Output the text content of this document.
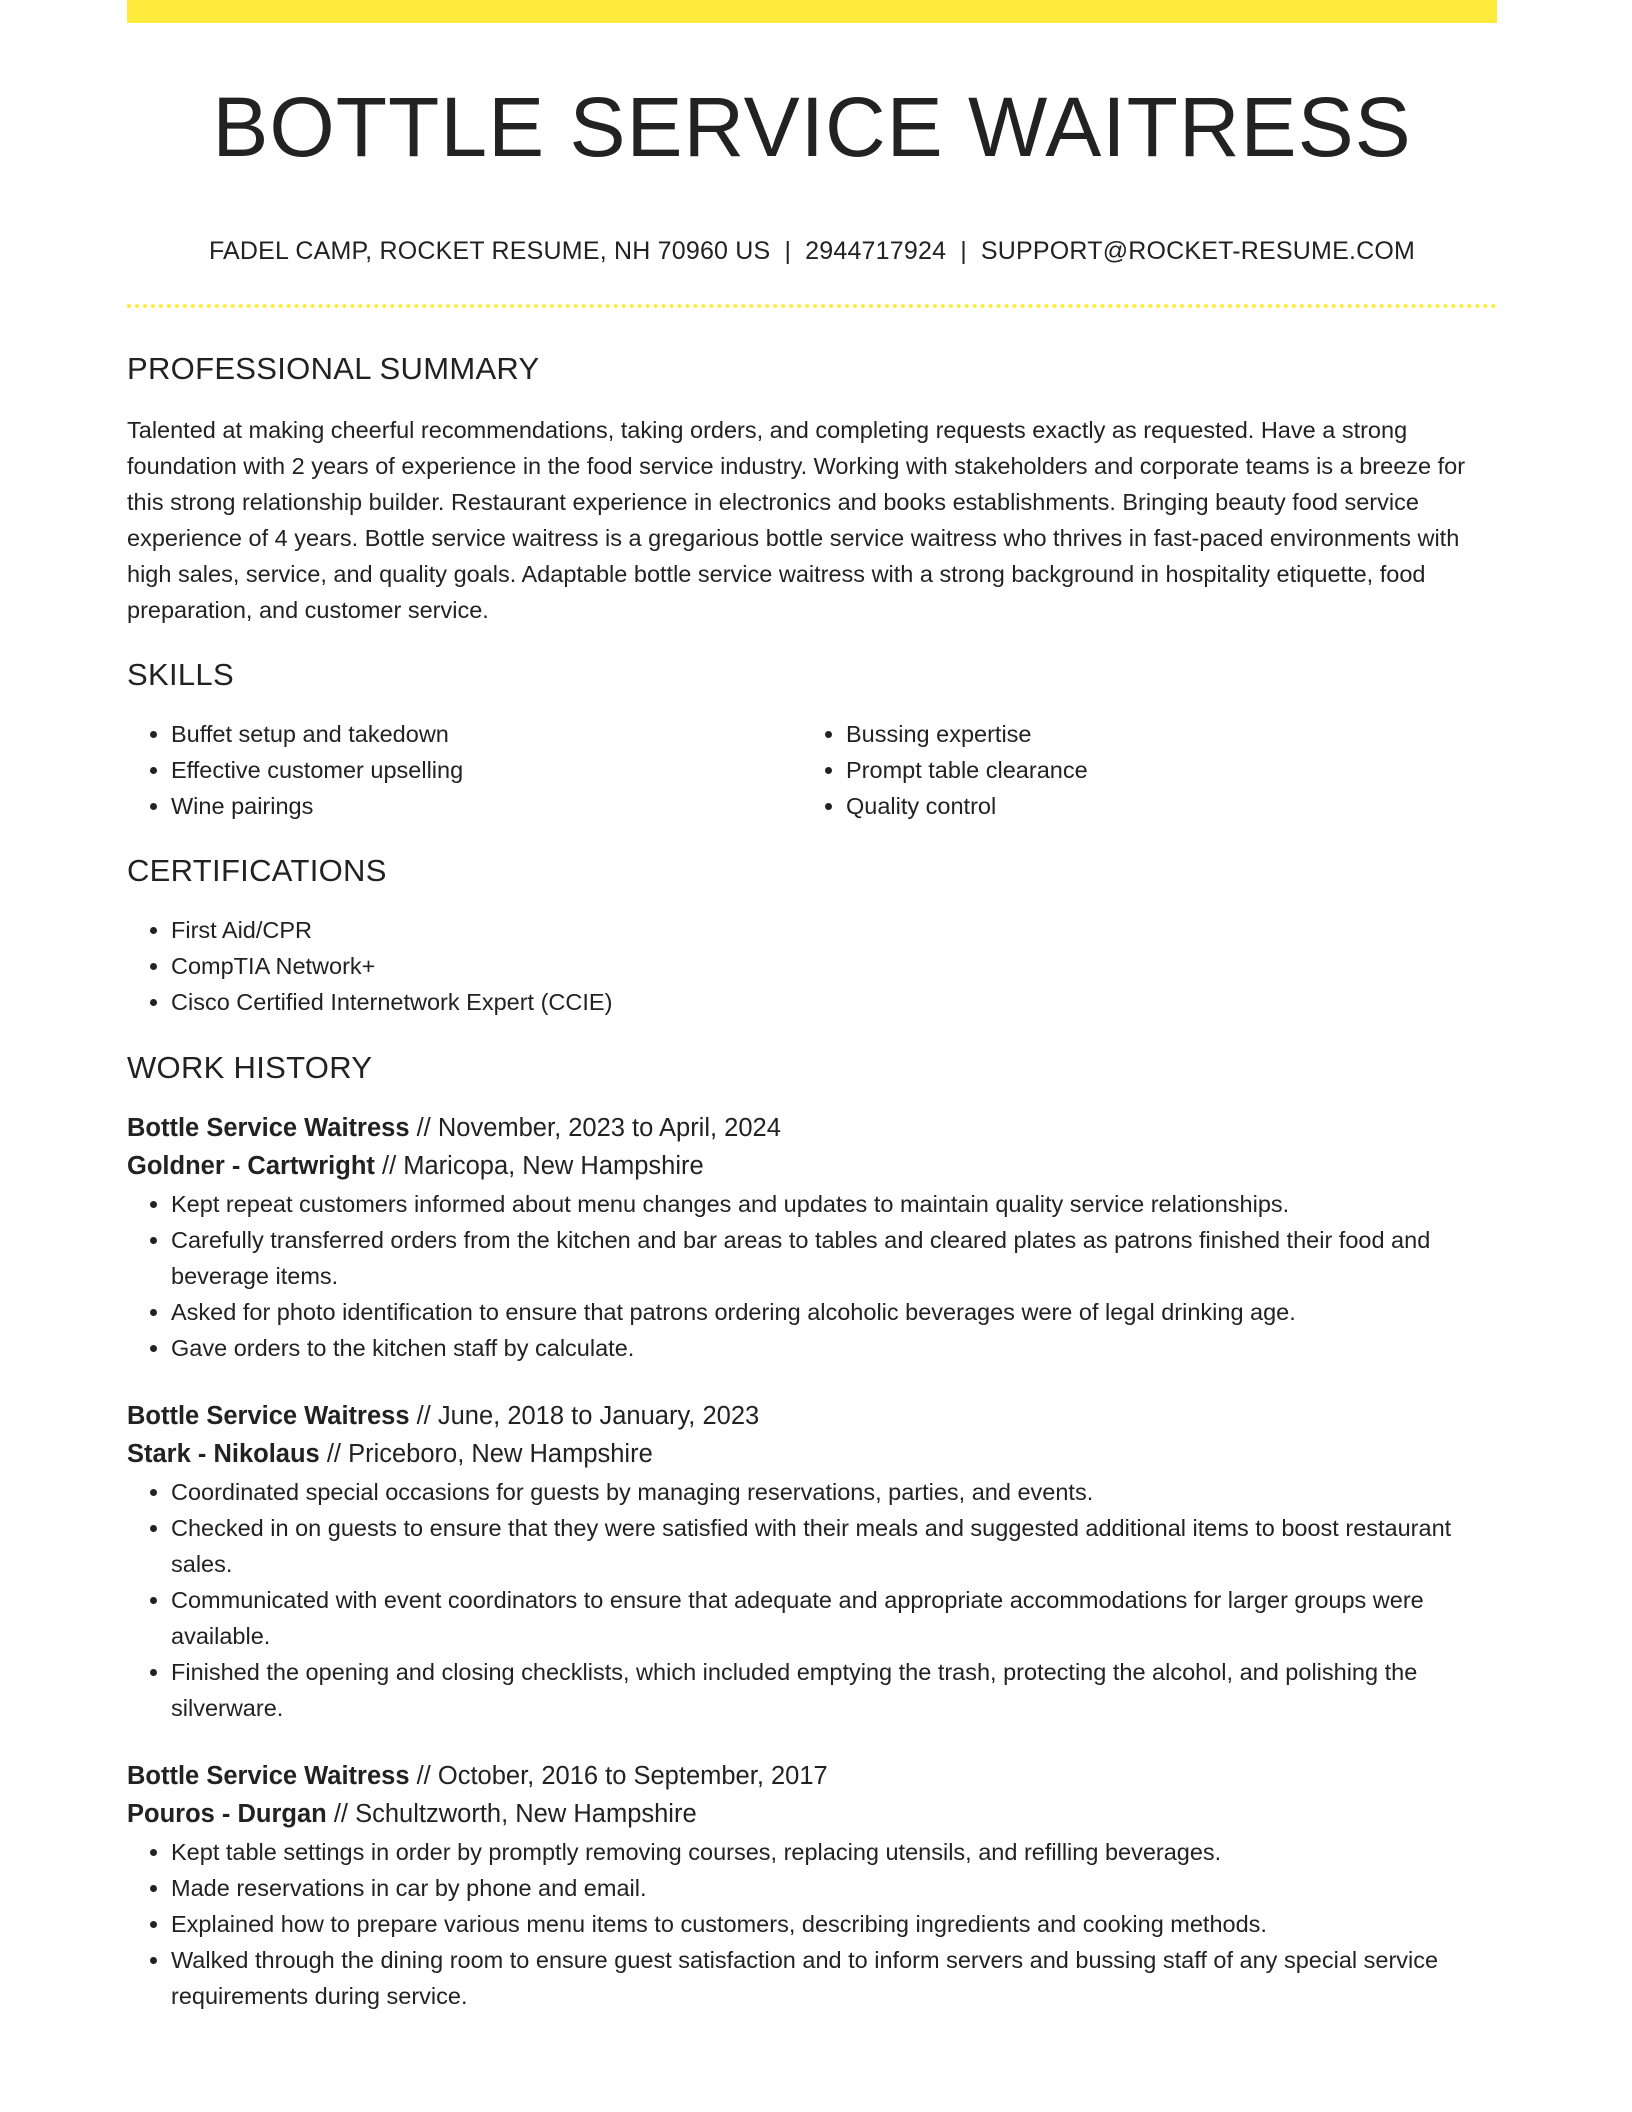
BOTTLE SERVICE WAITRESS
FADEL CAMP, ROCKET RESUME, NH 70960 US | 2944717924 | SUPPORT@ROCKET-RESUME.COM
PROFESSIONAL SUMMARY
Talented at making cheerful recommendations, taking orders, and completing requests exactly as requested. Have a strong foundation with 2 years of experience in the food service industry. Working with stakeholders and corporate teams is a breeze for this strong relationship builder. Restaurant experience in electronics and books establishments. Bringing beauty food service experience of 4 years. Bottle service waitress is a gregarious bottle service waitress who thrives in fast-paced environments with high sales, service, and quality goals. Adaptable bottle service waitress with a strong background in hospitality etiquette, food preparation, and customer service.
SKILLS
• Buffet setup and takedown
• Effective customer upselling
• Wine pairings
• Bussing expertise
• Prompt table clearance
• Quality control
CERTIFICATIONS
• First Aid/CPR
• CompTIA Network+
• Cisco Certified Internetwork Expert (CCIE)
WORK HISTORY
Bottle Service Waitress // November, 2023 to April, 2024
Goldner - Cartwright // Maricopa, New Hampshire
• Kept repeat customers informed about menu changes and updates to maintain quality service relationships.
• Carefully transferred orders from the kitchen and bar areas to tables and cleared plates as patrons finished their food and beverage items.
• Asked for photo identification to ensure that patrons ordering alcoholic beverages were of legal drinking age.
• Gave orders to the kitchen staff by calculate.
Bottle Service Waitress // June, 2018 to January, 2023
Stark - Nikolaus // Priceboro, New Hampshire
• Coordinated special occasions for guests by managing reservations, parties, and events.
• Checked in on guests to ensure that they were satisfied with their meals and suggested additional items to boost restaurant sales.
• Communicated with event coordinators to ensure that adequate and appropriate accommodations for larger groups were available.
• Finished the opening and closing checklists, which included emptying the trash, protecting the alcohol, and polishing the silverware.
Bottle Service Waitress // October, 2016 to September, 2017
Pouros - Durgan // Schultzworth, New Hampshire
• Kept table settings in order by promptly removing courses, replacing utensils, and refilling beverages.
• Made reservations in car by phone and email.
• Explained how to prepare various menu items to customers, describing ingredients and cooking methods.
• Walked through the dining room to ensure guest satisfaction and to inform servers and bussing staff of any special service requirements during service.
